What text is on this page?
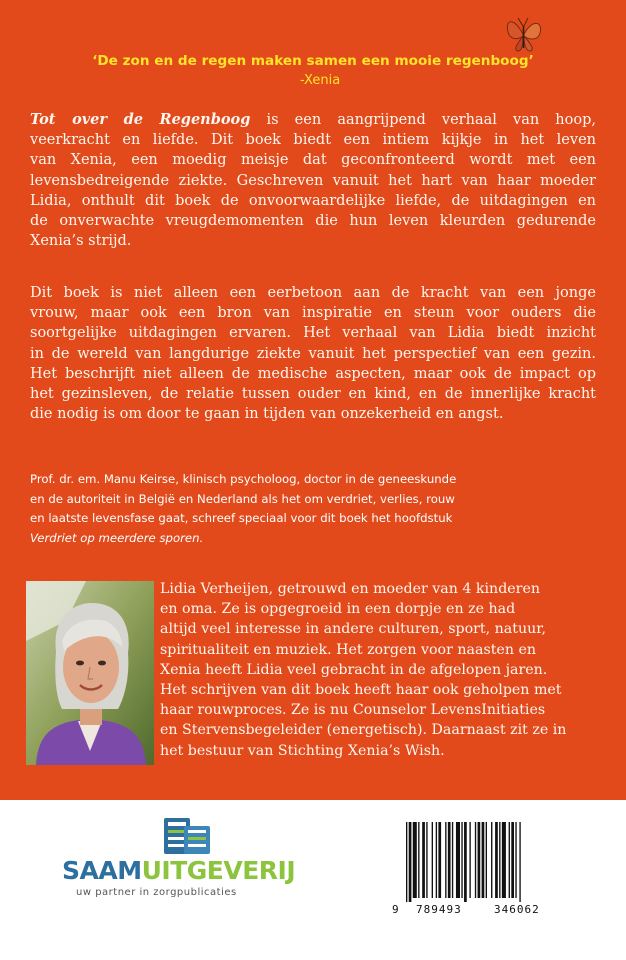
‘De zon en de regen maken samen een mooie regenboog’
-Xenia
Tot over de Regenboog is een aangrijpend verhaal van hoop,
veerkracht en liefde. Dit boek biedt een intiem kijkje in het leven
van Xenia, een moedig meisje dat geconfronteerd wordt met een
levensbedreigende ziekte. Geschreven vanuit het hart van haar moeder
Lidia, onthult dit boek de onvoorwaardelijke liefde, de uitdagingen en
de onverwachte vreugdemomenten die hun leven kleurden gedurende
Xenia’s strijd.
Dit boek is niet alleen een eerbetoon aan de kracht van een jonge
vrouw, maar ook een bron van inspiratie en steun voor ouders die
soortgelijke uitdagingen ervaren. Het verhaal van Lidia biedt inzicht
in de wereld van langdurige ziekte vanuit het perspectief van een gezin.
Het beschrijft niet alleen de medische aspecten, maar ook de impact op
het gezinsleven, de relatie tussen ouder en kind, en de innerlijke kracht
die nodig is om door te gaan in tijden van onzekerheid en angst.
Prof. dr. em. Manu Keirse, klinisch psycholoog, doctor in de geneeskunde
en de autoriteit in België en Nederland als het om verdriet, verlies, rouw
en laatste levensfase gaat, schreef speciaal voor dit boek het hoofdstuk
Verdriet op meerdere sporen.
Lidia Verheijen, getrouwd en moeder van 4 kinderen
en oma. Ze is opgegroeid in een dorpje en ze had
altijd veel interesse in andere culturen, sport, natuur,
spiritualiteit en muziek. Het zorgen voor naasten en
Xenia heeft Lidia veel gebracht in de afgelopen jaren.
Het schrijven van dit boek heeft haar ook geholpen met
haar rouwproces. Ze is nu Counselor LevensInitiaties
en Stervensbegeleider (energetisch). Daarnaast zit ze in
het bestuur van Stichting Xenia’s Wish.
SAAMUITGEVERIJ
uw partner in zorgpublicaties
9 789493	346062
